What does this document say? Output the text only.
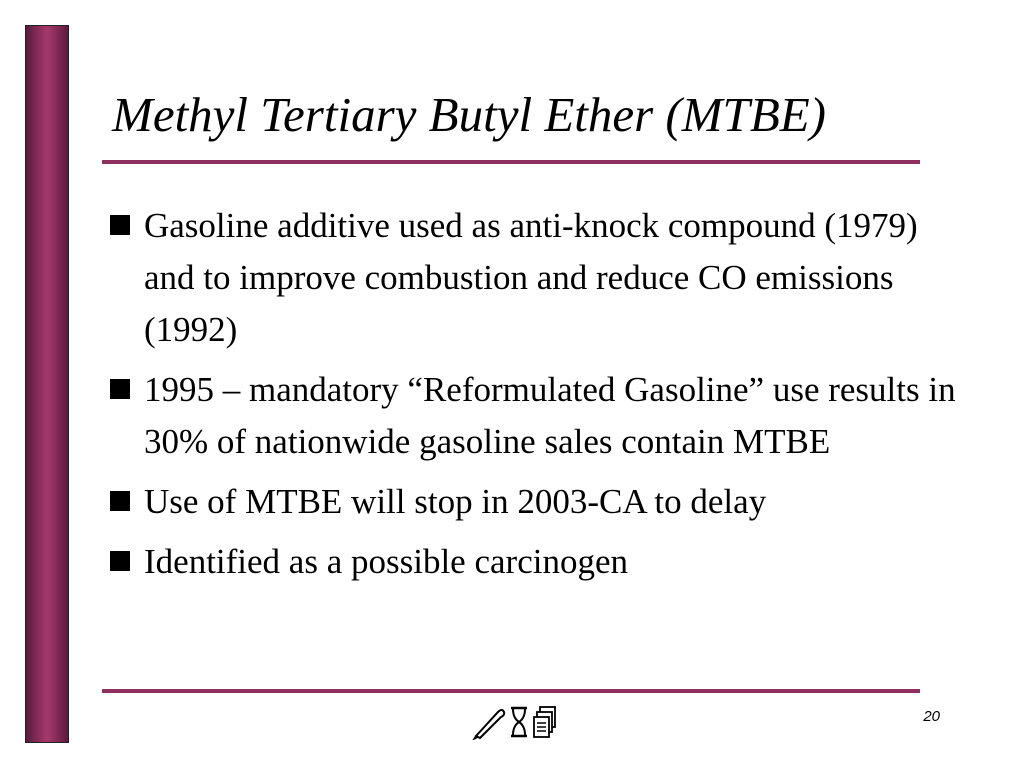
Methyl Tertiary Butyl Ether (MTBE)
Gasoline additive used as anti-knock compound (1979) and to improve combustion and reduce CO emissions (1992)
1995 – mandatory “Reformulated Gasoline” use results in 30% of nationwide gasoline sales contain MTBE
Use of MTBE will stop in 2003-CA to delay
Identified as a possible carcinogen
20
